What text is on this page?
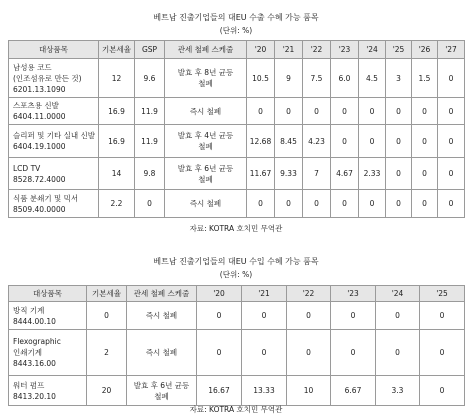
베트남 진출기업들의 대EU 수출 수혜 가능 품목
(단위: %)
대상품목	기본세율	GSP	관세 철폐 스케줄	'20	'21	'22	'23	'24	'25	'26	'27

남성용 코드
(인조섬유로 만든 것)
6201.13.1090	12	9.6	발효 후 8년 균등
철폐	10.5	9	7.5	6.0	4.5	3	1.5	0

스포츠용 신발
6404.11.0000	16.9	11.9	즉시 철폐	0	0	0	0	0	0	0	0

슬리퍼 및 기타 실내 신발
6404.19.1000	16.9	11.9	발효 후 4년 균등
철폐	12.68	8.45	4.23	0	0	0	0	0

LCD TV
8528.72.4000	14	9.8	발효 후 6년 균등
철폐	11.67	9.33	7	4.67	2.33	0	0	0

식품 분쇄기 및 믹서
8509.40.0000	2.2	0	즉시 철폐	0	0	0	0	0	0	0	0
자료: KOTRA 호치민 무역관
베트남 진출기업들의 대EU 수입 수혜 가능 품목
(단위: %)
대상품목	기본세율	관세 철폐 스케줄	'20	'21	'22	'23	'24	'25

방직 기계
8444.00.10	0	즉시 철폐	0	0	0	0	0	0

Flexographic
인쇄기계
8443.16.00	2	즉시 철폐	0	0	0	0	0	0

워터 펌프
8413.20.10	20	발효 후 6년 균등
철폐	16.67	13.33	10	6.67	3.3	0
자료: KOTRA 호치민 무역관
